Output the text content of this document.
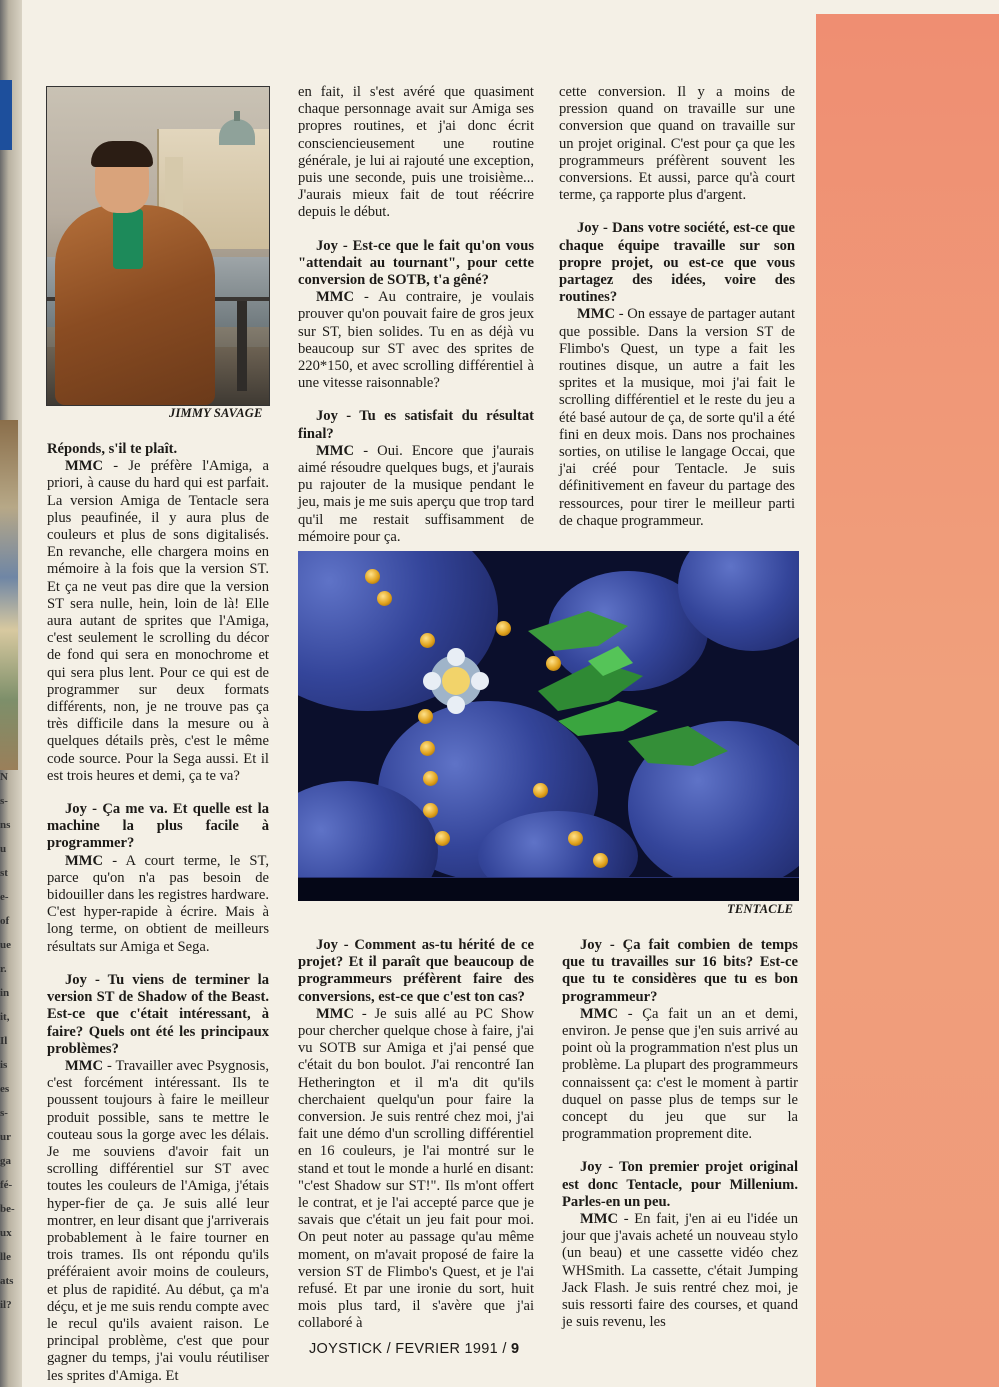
N
s-
ns
u
st
e-
of
ue
r.
in
it,
Il
is
es
s-
ur
ga
fé-
be-
ux
lle
ats
il?
JIMMY SAVAGE

Réponds, s'il te plaît.

MMC - Je préfère l'Amiga, a priori, à cause du hard qui est parfait. La version Amiga de Tentacle sera plus peaufinée, il y aura plus de couleurs et plus de sons digitalisés. En revanche, elle chargera moins en mémoire à la fois que la version ST. Et ça ne veut pas dire que la version ST sera nulle, hein, loin de là! Elle aura autant de sprites que l'Amiga, c'est seulement le scrolling du décor de fond qui sera en monochrome et qui sera plus lent. Pour ce qui est de programmer sur deux formats différents, non, je ne trouve pas ça très difficile dans la mesure ou à quelques détails près, c'est le même code source. Pour la Sega aussi. Et il est trois heures et demi, ça te va?

Joy - Ça me va. Et quelle est la machine la plus facile à programmer?

MMC - A court terme, le ST, parce qu'on n'a pas besoin de bidouiller dans les registres hardware. C'est hyper-rapide à écrire. Mais à long terme, on obtient de meilleurs résultats sur Amiga et Sega.

Joy - Tu viens de terminer la version ST de Shadow of the Beast. Est-ce que c'était intéressant, à faire? Quels ont été les principaux problèmes?

MMC - Travailler avec Psygnosis, c'est forcément intéressant. Ils te poussent toujours à faire le meilleur produit possible, sans te mettre le couteau sous la gorge avec les délais. Je me souviens d'avoir fait un scrolling différentiel sur ST avec toutes les couleurs de l'Amiga, j'étais hyper-fier de ça. Je suis allé leur montrer, en leur disant que j'arriverais probablement à le faire tourner en trois trames. Ils ont répondu qu'ils préféraient avoir moins de couleurs, et plus de rapidité. Au début, ça m'a déçu, et je me suis rendu compte avec le recul qu'ils avaient raison. Le principal problème, c'est que pour gagner du temps, j'ai voulu réutiliser les sprites d'Amiga. Et

en fait, il s'est avéré que quasiment chaque personnage avait sur Amiga ses propres routines, et j'ai donc écrit consciencieusement une routine générale, je lui ai rajouté une exception, puis une seconde, puis une troisième... J'aurais mieux fait de tout réécrire depuis le début.

Joy - Est-ce que le fait qu'on vous "attendait au tournant", pour cette conversion de SOTB, t'a gêné?

MMC - Au contraire, je voulais prouver qu'on pouvait faire de gros jeux sur ST, bien solides. Tu en as déjà vu beaucoup sur ST avec des sprites de 220*150, et avec scrolling différentiel à une vitesse raisonnable?

Joy - Tu es satisfait du résultat final?

MMC - Oui. Encore que j'aurais aimé résoudre quelques bugs, et j'aurais pu rajouter de la musique pendant le jeu, mais je me suis aperçu que trop tard qu'il me restait suffisamment de mémoire pour ça.

cette conversion. Il y a moins de pression quand on travaille sur une conversion que quand on travaille sur un projet original. C'est pour ça que les programmeurs préfèrent souvent les conversions. Et aussi, parce qu'à court terme, ça rapporte plus d'argent.

Joy - Dans votre société, est-ce que chaque équipe travaille sur son propre projet, ou est-ce que vous partagez des idées, voire des routines?

MMC - On essaye de partager autant que possible. Dans la version ST de Flimbo's Quest, un type a fait les routines disque, un autre a fait les sprites et la musique, moi j'ai fait le scrolling différentiel et le reste du jeu a été basé autour de ça, de sorte qu'il a été fini en deux mois. Dans nos prochaines sorties, on utilise le langage Occai, que j'ai créé pour Tentacle. Je suis définitivement en faveur du partage des ressources, pour tirer le meilleur parti de chaque programmeur.

TENTACLE

Joy - Comment as-tu hérité de ce projet? Et il paraît que beaucoup de programmeurs préfèrent faire des conversions, est-ce que c'est ton cas?

MMC - Je suis allé au PC Show pour chercher quelque chose à faire, j'ai vu SOTB sur Amiga et j'ai pensé que c'était du bon boulot. J'ai rencontré Ian Hetherington et il m'a dit qu'ils cherchaient quelqu'un pour faire la conversion. Je suis rentré chez moi, j'ai fait une démo d'un scrolling différentiel en 16 couleurs, je l'ai montré sur le stand et tout le monde a hurlé en disant: "c'est Shadow sur ST!". Ils m'ont offert le contrat, et je l'ai accepté parce que je savais que c'était un jeu fait pour moi. On peut noter au passage qu'au même moment, on m'avait proposé de faire la version ST de Flimbo's Quest, et je l'ai refusé. Et par une ironie du sort, huit mois plus tard, il s'avère que j'ai collaboré à

Joy - Ça fait combien de temps que tu travailles sur 16 bits? Est-ce que tu te considères que tu es bon programmeur?

MMC - Ça fait un an et demi, environ. Je pense que j'en suis arrivé au point où la programmation n'est plus un problème. La plupart des programmeurs connaissent ça: c'est le moment à partir duquel on passe plus de temps sur le concept du jeu que sur la programmation proprement dite.

Joy - Ton premier projet original est donc Tentacle, pour Millenium. Parles-en un peu.

MMC - En fait, j'en ai eu l'idée un jour que j'avais acheté un nouveau stylo (un beau) et une cassette vidéo chez WHSmith. La cassette, c'était Jumping Jack Flash. Je suis rentré chez moi, je suis ressorti faire des courses, et quand je suis revenu, les

JOYSTICK / FEVRIER 1991 / 9
